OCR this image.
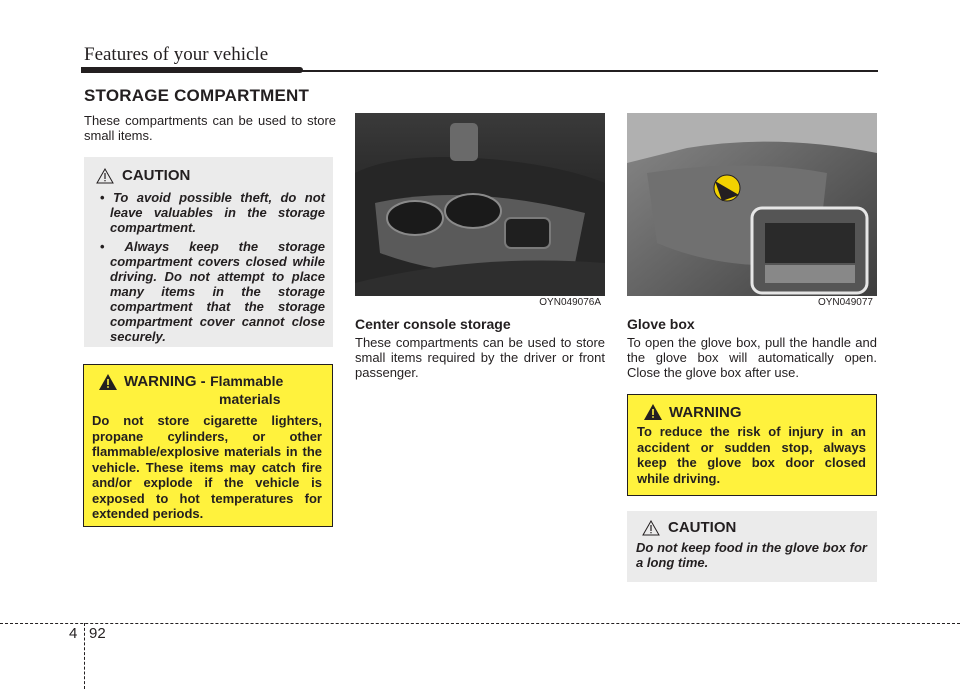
Features of your vehicle
STORAGE COMPARTMENT
These compartments can be used to store small items.
CAUTION
• To avoid possible theft, do not leave valuables in the storage compartment.
• Always keep the storage compartment covers closed while driving. Do not attempt to place many items in the storage compartment that the storage compartment cover cannot close securely.
WARNING - Flammable
materials
Do not store cigarette lighters, propane cylinders, or other flammable/explosive materials in the vehicle. These items may catch fire and/or explode if the vehicle is exposed to hot temperatures for extended periods.
OYN049076A
Center console storage
These compartments can be used to store small items required by the driver or front passenger.
OYN049077
Glove box
To open the glove box, pull the handle and the glove box will automatically open. Close the glove box after use.
WARNING
To reduce the risk of injury in an accident or sudden stop, always keep the glove box door closed while driving.
CAUTION
Do not keep food in the glove box for a long time.
4 92
